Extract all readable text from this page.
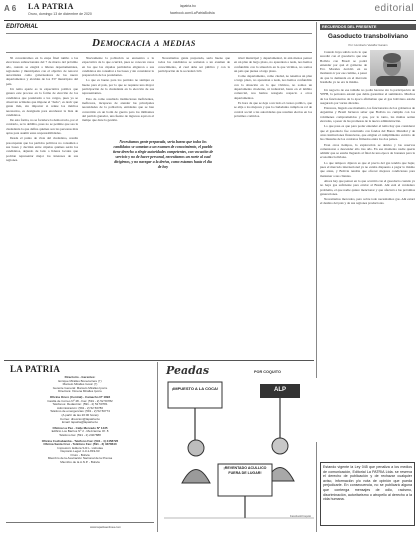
A 6 LA PATRIA
Oruro, domingo 13 de diciembre de 2020
lapatria.bo
facebook.com/LaPatriaBolivia	editorial
EDITORIAL
Democracia a medias

Ni concentramos en la etapa final rumbo a las elecciones subnacionales del 7 de marzo del próximo año, cuando se elegirá a líderes departamentales, regionales y municipales con el objetivo de renovar autoridades como gobernadores de los nueve departamentos y alcaldes de los 337 municipios del país.

Un tema aparte es la expectativa política que genera este proceso en la forma de elección de los candidatos que postularán a los cargos, pues ya se observan actitudes que impone el "dedo", es decir que gente más, sin importar si reúne los méritos necesarios, es designada para encabezar la lista de candidatos.

De esta forma, no se fortalece la democracia, por el contrario, se la debilita, pues no se permite que sea la ciudadanía la que defina quiénes son las personas más aptas para asumir estas responsabilidades.

Desde el punto de vista del ciudadano, resulta preocupante que los partidos políticos no consulten a sus bases y decidan entre cúpulas quiénes serán los candidatos, dejando de lado a líderes locales que podrían representar mejor los intereses de sus regiones.

Nuevamente la población se encuentra a la expectativa de lo que ocurrirá, pues se conocen casos en los que las cúpulas partidarias eligieron a sus candidatos sin consultar a las bases y sin considerar la preparación de los postulantes.

Lo que es bueno para los partidos no siempre es bueno para el país, por lo que se requiere una mayor participación de la ciudadanía en la elección de sus representantes.

Esto da como resultado instituciones ineficientes, ineficaces, incapaces de atender las principales necesidades de la población, entidades que se han convertido en un botín de guerra para los militantes del partido ganador, una fuente de ingresos aquí en el tiempo que dure la gestión.

Necesitamos gente preparada, sería bueno que todos los candidatos se sometan a un examen de conocimiento, el cual debe ser público y con la participación de la sociedad civil.

Necesitamos gente preparada, sería bueno que todos los candidatos se sometan a un examen de conocimiento, el pueblo tiene derecho a elegir autoridades competentes, con vocación de servicio y no de hacer personal, necesitamos un norte al cual dirigirnos, y no navegar a la deriva, como estamos hasta el día de hoy

nivel municipal y departamental, ni aún menos pensar en un plan de largo plazo, no aparentan a nada, nos hemos confundido con la situación en la que vivimos, no somos un país que piensa a largo plazo.

Como departamento, como ciudad, no tenemos un plan a largo plazo, no aparentan a nada, nos hemos confundido con la situación en la que vivimos, no somos un departamento moderno, ni industrial, hasta en el ámbito comercial, nos hemos rezagado respecto a otros departamentos.

Es hora de que se deje a un lado el cuoteo político, que se elija a los mejores y que la ciudadanía cumpla su rol de control social a las autoridades que resulten electas en los próximos comicios.

RECUERDOS DEL PRESENTE
Gasoducto transboliviano
Por: Humberto Vacaflor Ganam

Cuando haya salido todo lo que sucedió con el gasoducto que une Bolivia con Brasil se podrá entender por qué el gobierno de Evo Morales decidió en su momento ir por ese camino, a pesar de que la demanda en el mercado brasileño ya no era la misma.

Un negocio de ese tamaño no podía hacerse sin la participación de YPFB, la petrolera estatal que debía garantizar el suministro. Muchos de los funcionarios de la época afirmaban que el gas boliviano estaba asegurado por varias décadas.

Entonces, llegado ese momento, los funcionarios de los gobiernos de Argentina y Brasil hicieron saber que Bolivia no cumplía con los volúmenes comprometidos y que, por lo tanto, las multas serían elevadas, a pesar de las promesas de la nueva administración.

Lo que pasa es que para poder entender el tema hay que considerar que el gasoducto fue construido con fondos del Banco Mundial y de otras instituciones financieras, que exigían el cumplimiento estricto de las cláusulas de los contratos firmados entre los dos países.

Eran otros tiempos, la exploración se detuvo y las reservas comenzaron a descender año tras año. En ese momento nadie quería admitir que se estaba llegando al final de una época de bonanza para la economía boliviana.

Lo que tampoco dijeron es que el precio del gas tendría que bajar, pues el mercado internacional ya no estaba dispuesto a pagar lo mismo que antes, y Bolivia tendría que ofrecer mejores condiciones para mantener a sus clientes.

Ahora hay que pensar en lo que ocurrirá con el gasoducto cuando ya no haya gas suficiente para enviar al Brasil. Ahí está el verdadero problema, el que nadie quiere mencionar y que afectará a las próximas generaciones.

Necesitamos mercados, pero sobre todo necesitamos gas. Ahí estará el destino del país y de sus regiones productoras.

LA PATRIA
Directorio - Gerentes:
Enrique Miralles Bonecarrere (†)
Marcelo Miralles Gosic (†)
Gerente General: Marcelo Miralles Iporre
Directora: Ximena Miralles Iporre
Oficina Oruro (Central) - Camacho Nº 1892
Casilla de Correo Nº 48 - Fax: (591 - 2) 52 50782
Teléfonos: Redacción: (591 - 2) 52 50781
Administración: (591 - 2) 52 50780
Teléfono de emergencias: (591 - 2) 52 50774
(A partir de las 20:00 horas)
Correo: direccion@lapatria.bo
Email: lapatria@lapatria.bo
Oficina La Paz - Calle Mercado Nº 1435
Edificio Los Barrios Nº 2 - Mezzanine Of. 8
Teléfono fax: (591 - 2) 2407888
Oficina Cochabamba - Teléfono Fax: (591 - 4) 4458726
Oficina Santa Cruz - Teléfono Fax: (591 - 3) 3378640
Impresión: Editora S.R.L. Lisbolaa
Depósito Legal: 4-3-1-819-93
Oruro - Bolivia
Miembro de la Asociación Nacional de la Prensa
Miembro de la A.N.P. - Bolivia
www.lapatriaenlinea.com
Peadas	POR COQUITO
¡IMPUESTO A LA COCA!	ALP
¡REVENTADO ACULLICO FUERA DE LUGAR!
Facebook/Coquito
Estando vigente la Ley 045 que penaliza a los medios de comunicación, Editorial La PATRIA Ltda. se reserva el derecho de publicación y de rechazar cualquier aviso, información y/o nota de opinión que pueda perjudicarle. En consecuencia, no se publicará alguna que contenga mensajes de odio, racismo, discriminación, autoritarismo o atropello al derecho a la vida humana.
